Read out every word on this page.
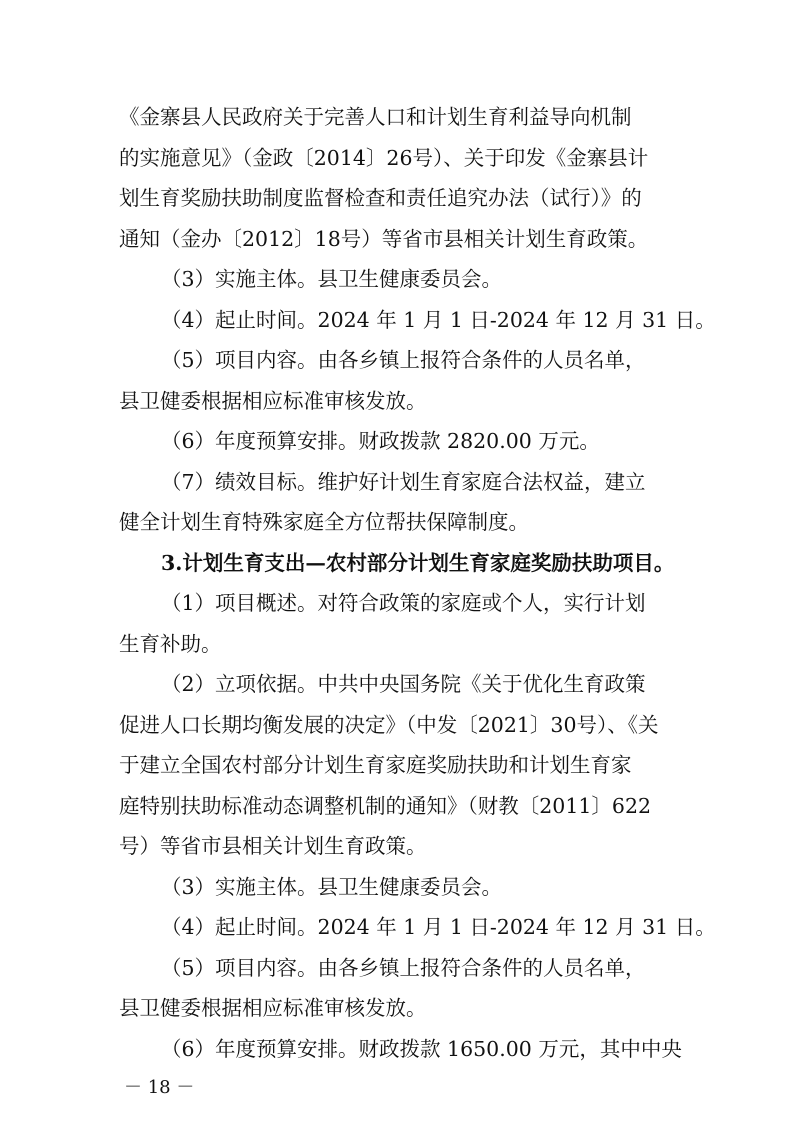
《金寨县人民政府关于完善人口和计划生育利益导向机制
的实施意见》（金政〔2014〕26号）、关于印发《金寨县计
划生育奖励扶助制度监督检查和责任追究办法（试行）》的
通知（金办〔2012〕18号）等省市县相关计划生育政策。
（3）实施主体。县卫生健康委员会。
（4）起止时间。2024 年 1 月 1 日-2024 年 12 月 31 日。
（5）项目内容。由各乡镇上报符合条件的人员名单，
县卫健委根据相应标准审核发放。
（6）年度预算安排。财政拨款 2820.00 万元。
（7）绩效目标。维护好计划生育家庭合法权益，建立
健全计划生育特殊家庭全方位帮扶保障制度。
3.计划生育支出—农村部分计划生育家庭奖励扶助项目。
（1）项目概述。对符合政策的家庭或个人，实行计划
生育补助。
（2）立项依据。中共中央国务院《关于优化生育政策
促进人口长期均衡发展的决定》（中发〔2021〕30号）、《关
于建立全国农村部分计划生育家庭奖励扶助和计划生育家
庭特别扶助标准动态调整机制的通知》（财教〔2011〕622
号）等省市县相关计划生育政策。
（3）实施主体。县卫生健康委员会。
（4）起止时间。2024 年 1 月 1 日-2024 年 12 月 31 日。
（5）项目内容。由各乡镇上报符合条件的人员名单，
县卫健委根据相应标准审核发放。
（6）年度预算安排。财政拨款 1650.00 万元，其中中央
－ 18 －
